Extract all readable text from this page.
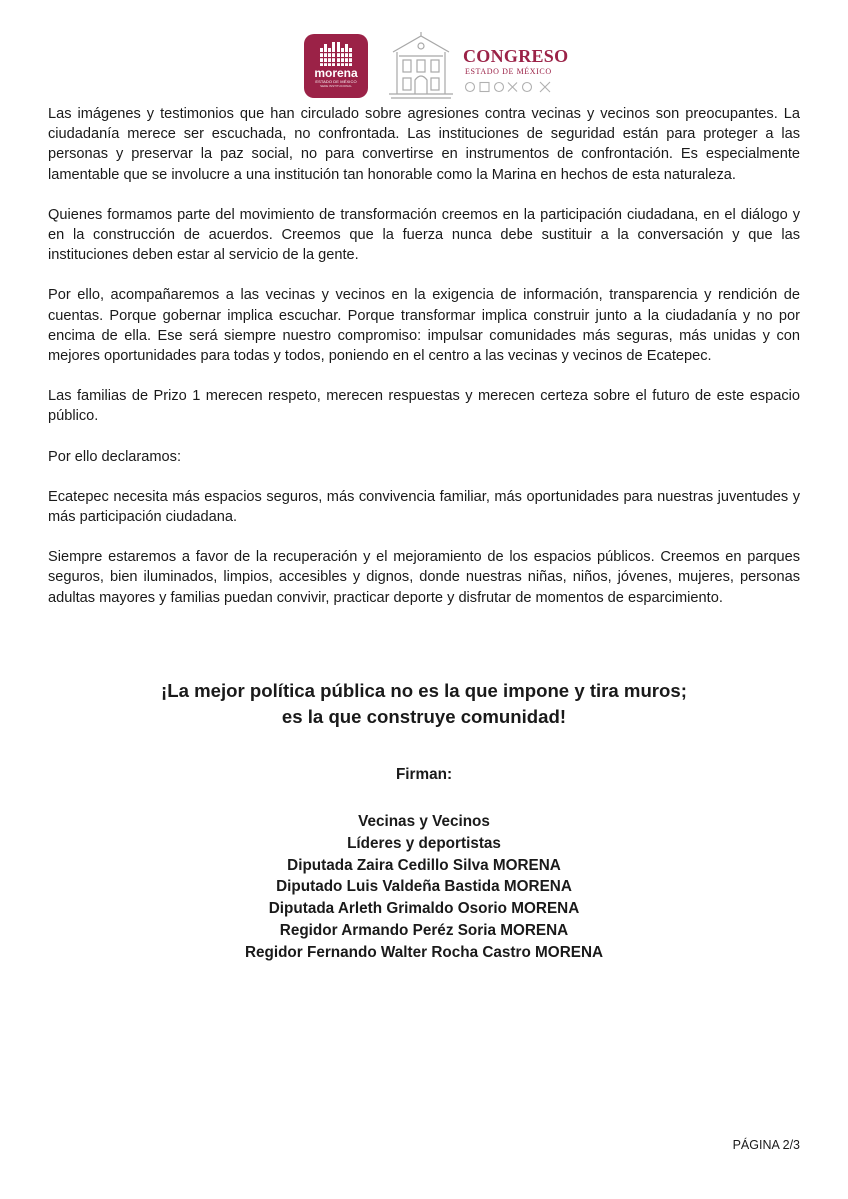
morena
ESTADO DE MÉXICO
SEDE INSTITUCIONAL
CONGRESO
ESTADO DE MÉXICO

Las imágenes y testimonios que han circulado sobre agresiones contra vecinas y vecinos son preocupantes. La ciudadanía merece ser escuchada, no confrontada. Las instituciones de seguridad están para proteger a las personas y preservar la paz social, no para convertirse en instrumentos de confrontación. Es especialmente lamentable que se involucre a una institución tan honorable como la Marina en hechos de esta naturaleza.

Quienes formamos parte del movimiento de transformación creemos en la participación ciudadana, en el diálogo y en la construcción de acuerdos. Creemos que la fuerza nunca debe sustituir a la conversación y que las instituciones deben estar al servicio de la gente.

Por ello, acompañaremos a las vecinas y vecinos en la exigencia de información, transparencia y rendición de cuentas. Porque gobernar implica escuchar. Porque transformar implica construir junto a la ciudadanía y no por encima de ella. Ese será siempre nuestro compromiso: impulsar comunidades más seguras, más unidas y con mejores oportunidades para todas y todos, poniendo en el centro a las vecinas y vecinos de Ecatepec.

Las familias de Prizo 1 merecen respeto, merecen respuestas y merecen certeza sobre el futuro de este espacio público.

Por ello declaramos:

Ecatepec necesita más espacios seguros, más convivencia familiar, más oportunidades para nuestras juventudes y más participación ciudadana.

Siempre estaremos a favor de la recuperación y el mejoramiento de los espacios públicos. Creemos en parques seguros, bien iluminados, limpios, accesibles y dignos, donde nuestras niñas, niños, jóvenes, mujeres, personas adultas mayores y familias puedan convivir, practicar deporte y disfrutar de momentos de esparcimiento.

¡La mejor política pública no es la que impone y tira muros;
es la que construye comunidad!
Firman:
Vecinas y Vecinos
Líderes y deportistas
Diputada Zaira Cedillo Silva MORENA
Diputado Luis Valdeña Bastida MORENA
Diputada Arleth Grimaldo Osorio MORENA
Regidor Armando Peréz Soria MORENA
Regidor Fernando Walter Rocha Castro MORENA
PÁGINA 2/3
